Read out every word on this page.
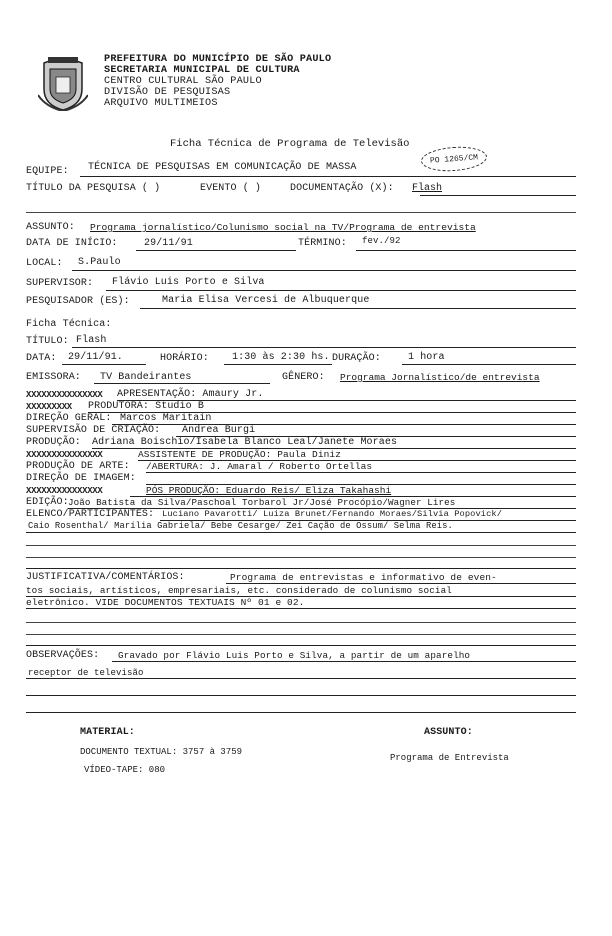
PREFEITURA DO MUNICÍPIO DE SÃO PAULO
SECRETARIA MUNICIPAL DE CULTURA
CENTRO CULTURAL SÃO PAULO
DIVISÃO DE PESQUISAS
ARQUIVO MULTIMEIOS
Ficha Técnica de Programa de Televisão
PO 1265/CM
EQUIPE: TÉCNICA DE PESQUISAS EM COMUNICAÇÃO DE MASSA
TÍTULO DA PESQUISA ( )	EVENTO ( )	DOCUMENTAÇÃO (X): Flash
ASSUNTO: Programa jornalístico/Colunismo social na TV/Programa de entrevista
DATA DE INÍCIO:	29/11/91	TÉRMINO: fev./92
LOCAL: S.Paulo
SUPERVISOR: Flávio Luis Porto e Silva
PESQUISADOR (ES):	Maria Elisa Vercesi de Albuquerque
Ficha Técnica:
TÍTULO: Flash
DATA: 29/11/91.	HORÁRIO: 1:30 às 2:30 hs. DURAÇÃO:	1 hora
EMISSORA: TV Bandeirantes	GÊNERO: Programa Jornalístico/de entrevista
XXXXXXXXXXXXXXX APRESENTAÇÃO: Amaury Jr.
XXXXXXXXX PRODUTORA: Studio B
DIREÇÃO GERAL: Marcos Maritain
SUPERVISÃO DE CRIAÇÃO: Andrea Burgi
PRODUÇÃO: Adriana Boischio/Isabela Blanco Leal/Janete Moraes
XXXXXXXXXXXXXXX	ASSISTENTE DE PRODUÇÃO: Paula Diniz
PRODUÇÃO DE ARTE: /ABERTURA: J. Amaral / Roberto Ortellas
DIREÇÃO DE IMAGEM:
XXXXXXXXXXXXXXX	PÓS PRODUÇÃO: Eduardo Reis/ Eliza Takahashi
EDIÇÃO: João Batista da Silva/Paschoal Torbarol Jr/José Procópio/Wagner Lires
ELENCO/PARTICIPANTES: Luciano Pavarotti/ Luiza Brunet/Fernando Moraes/Silvia Popovick/
Caio Rosenthal/ Marília Gabriela/ Bebe Cesarge/ Zei Cação de Ossum/ Selma Reis.
JUSTIFICATIVA/COMENTÁRIOS:	Programa de entrevistas e informativo de even-
tos sociais, artísticos, empresariais, etc. considerado de colunismo social
eletrônico. VIDE DOCUMENTOS TEXTUAIS Nº 01 e 02.
OBSERVAÇÕES: Gravado por Flávio Luis Porto e Silva, a partir de um aparelho
receptor de televisão
MATERIAL:
DOCUMENTO TEXTUAL: 3757 à 3759
VÍDEO-TAPE: 080
ASSUNTO:
Programa de Entrevista
